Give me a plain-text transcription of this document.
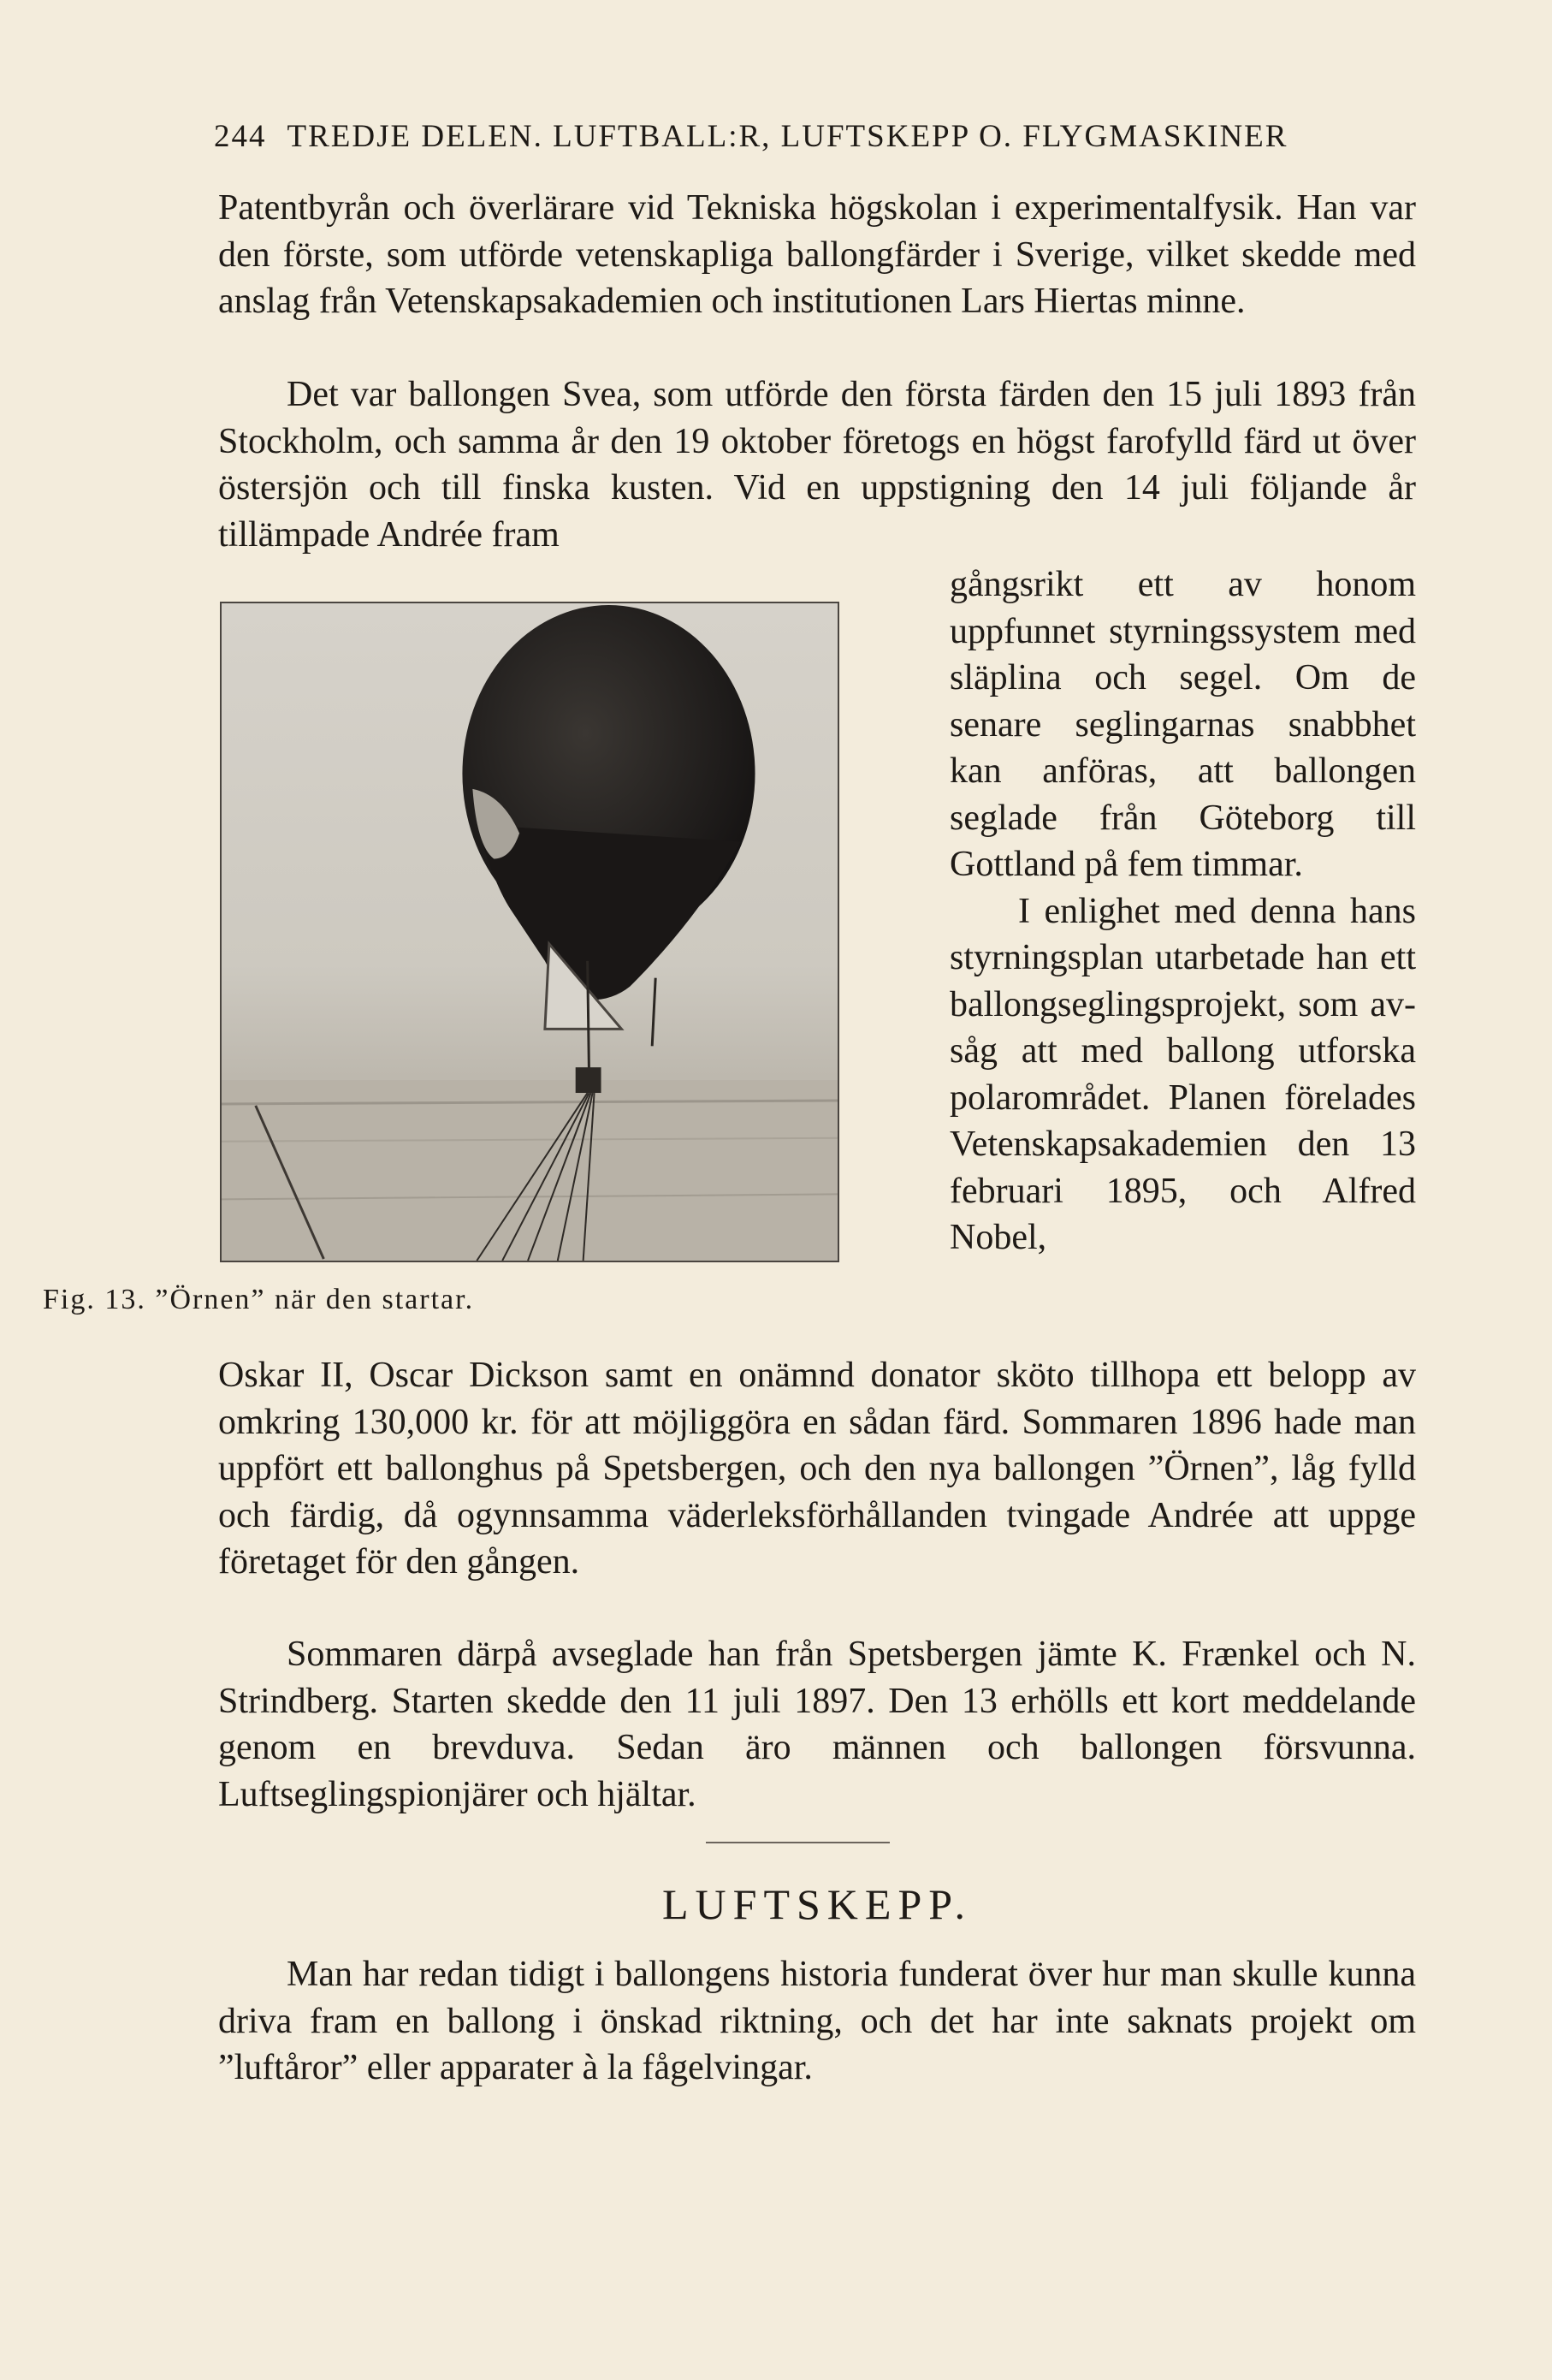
244 TREDJE DELEN. LUFTBALL:R, LUFTSKEPP O. FLYGMASKINER

Patentbyrån och överlärare vid Tekniska högskolan i experimentalfysik. Han var den förste, som utförde vetenskapliga ballongfärder i Sverige, vilket skedde med anslag från Vetenskapsakademien och institutionen Lars Hiertas minne.

Det var ballongen Svea, som utförde den första färden den 15 juli 1893 från Stockholm, och samma år den 19 oktober företogs en högst farofylld färd ut över östersjön och till finska kusten. Vid en uppstigning den 14 juli följande år tillämpade Andrée fram

gångsrikt ett av honom uppfunnet styrningssystem med släplina och segel. Om de senare seglingarnas snabbhet kan anföras, att ballongen seglade från Göteborg till Gottland på fem timmar.

I enlighet med denna hans styrningsplan utarbetade han ett ballongseglingsprojekt, som avsåg att med ballong utforska polarområdet. Planen förelades Vetenskapsakademien den 13 februari 1895, och Alfred Nobel,

Fig. 13. ”Örnen” när den startar.

Oskar II, Oscar Dickson samt en onämnd donator sköto tillhopa ett belopp av omkring 130,000 kr. för att möjliggöra en sådan färd. Sommaren 1896 hade man uppfört ett ballonghus på Spetsbergen, och den nya ballongen ”Örnen”, låg fylld och färdig, då ogynnsamma väderleksförhållanden tvingade Andrée att uppge företaget för den gången.

Sommaren därpå avseglade han från Spetsbergen jämte K. Frænkel och N. Strindberg. Starten skedde den 11 juli 1897. Den 13 erhölls ett kort meddelande genom en brevduva. Sedan äro männen och ballongen försvunna. Luftseglingspionjärer och hjältar.

LUFTSKEPP.

Man har redan tidigt i ballongens historia funderat över hur man skulle kunna driva fram en ballong i önskad riktning, och det har inte saknats projekt om ”luftåror” eller apparater à la fågelvingar.
